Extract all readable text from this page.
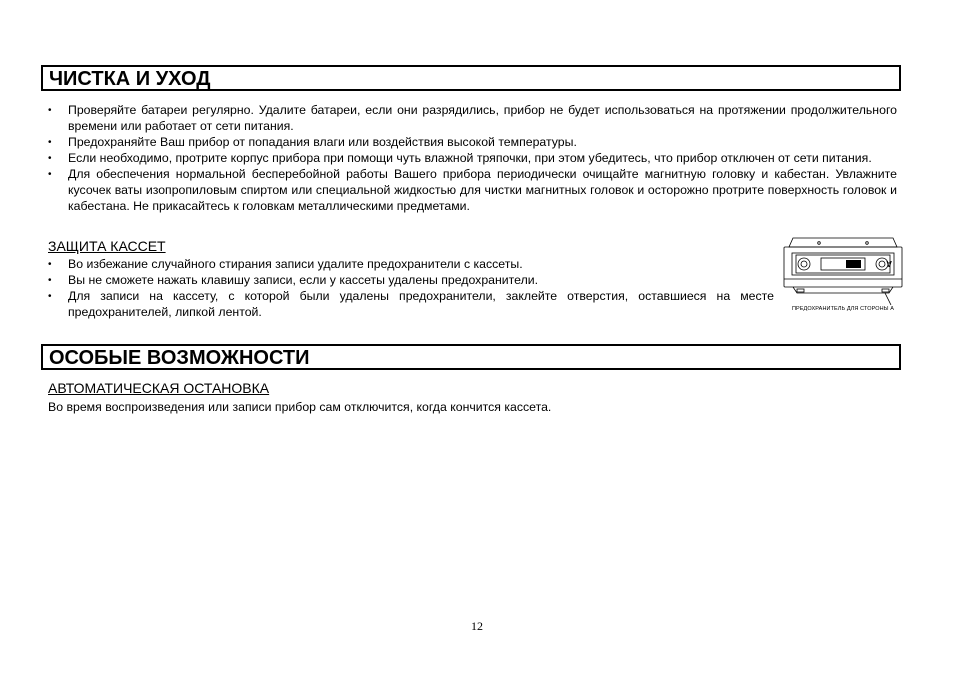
ЧИСТКА И УХОД
• Проверяйте батареи регулярно. Удалите батареи, если они разрядились, прибор не будет использоваться на протяжении продолжительного времени или работает от сети питания.
• Предохраняйте Ваш прибор от попадания влаги или воздействия высокой температуры.
• Если необходимо, протрите корпус прибора при помощи чуть влажной тряпочки, при этом убедитесь, что прибор отключен от сети питания.
• Для обеспечения нормальной бесперебойной работы Вашего прибора периодически очищайте магнитную головку и кабестан. Увлажните кусочек ваты изопропиловым спиртом или специальной жидкостью для чистки магнитных головок и осторожно протрите поверхность головок и кабестана. Не прикасайтесь к головкам металлическими предметами.
ЗАЩИТА КАССЕТ
• Во избежание случайного стирания записи удалите предохранители с кассеты.
• Вы не сможете нажать клавишу записи, если у кассеты удалены предохранители.
• Для записи на кассету, с которой были удалены предохранители, заклейте отверстия, оставшиеся на месте предохранителей, липкой лентой.
A
ПРЕДОХРАНИТЕЛЬ ДЛЯ СТОРОНЫ А
ОСОБЫЕ ВОЗМОЖНОСТИ
АВТОМАТИЧЕСКАЯ ОСТАНОВКА

Во время воспроизведения или записи прибор сам отключится, когда кончится кассета.

12
